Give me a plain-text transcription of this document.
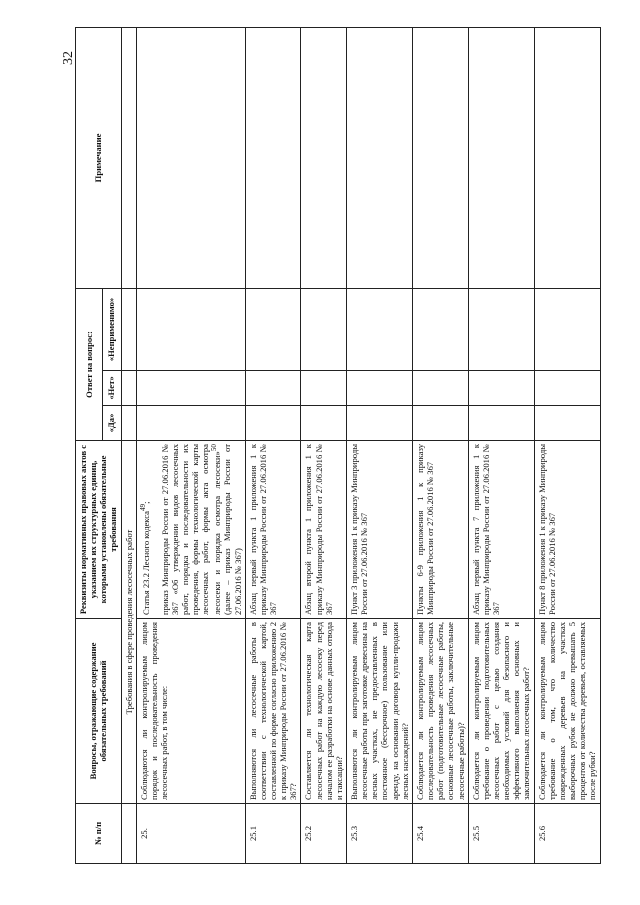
32
№ п/п	Вопросы, отражающие содержание обязательных требований	Реквизиты нормативных правовых актов с указанием их структурных единиц, которыми установлены обязательные требования	Ответ на вопрос:			Примечание
			«Да»	«Нет»	«Неприменимо»	
	Требования в сфере проведения лесосечных работ					
25.	Соблюдаются ли контролируемым лицом порядок и последовательность проведения лесосечных работ, в том числе:	Статья 23.2 Лесного кодекса$^{49}$; приказ Минприроды России от 27.06.2016 № 367 «Об утверждении видов лесосечных работ, порядка и последовательности их проведения, формы технологической карты лесосечных работ, формы акта осмотра лесосеки и порядка осмотра лесосеки»$^{50}$ (далее – приказ Минприроды России от 27.06.2016 № 367)				
25.1	Выполняются ли лесосечные работы в соответствии с технологической картой, составленной по форме согласно приложению 2 к приказу Минприроды России от 27.06.2016 № 367?	Абзац первый пункта 1 приложения 1 к приказу Минприроды России от 27.06.2016 № 367				
25.2	Составляется ли технологическая карта лесосечных работ на каждую лесосеку перед началом ее разработки на основе данных отвода и таксации?	Абзац второй пункта 1 приложения 1 к приказу Минприроды России от 27.06.2016 № 367				
25.3	Выполняются ли контролируемым лицом лесосечные работы при заготовке древесины на лесных участках, не предоставленных в постоянное (бессрочное) пользование или аренду, на основании договора купли-продажи лесных насаждений?	Пункт 3 приложения 1 к приказу Минприроды России от 27.06.2016 № 367				
25.4	Соблюдается ли контролируемым лицом последовательность проведения лесосечных работ (подготовительные лесосечные работы, основные лесосечные работы, заключительные лесосечные работы)?	Пункты 6-9 приложения 1 к приказу Минприроды России от 27.06.2016 № 367				
25.5	Соблюдается ли контролируемым лицом требование о проведении подготовительных лесосечных работ с целью создания необходимых условий для безопасного и эффективного выполнения основных и заключительных лесосечных работ?	Абзац первый пункта 7 приложения 1 к приказу Минприроды России от 27.06.2016 № 367				
25.6	Соблюдается ли контролируемым лицом требование о том, что количество поврежденных деревьев на участках выборочных рубок не должно превышать 5 процентов от количества деревьев, оставляемых после рубки?	Пункт 8 приложения 1 к приказу Минприроды России от 27.06.2016 № 367				
